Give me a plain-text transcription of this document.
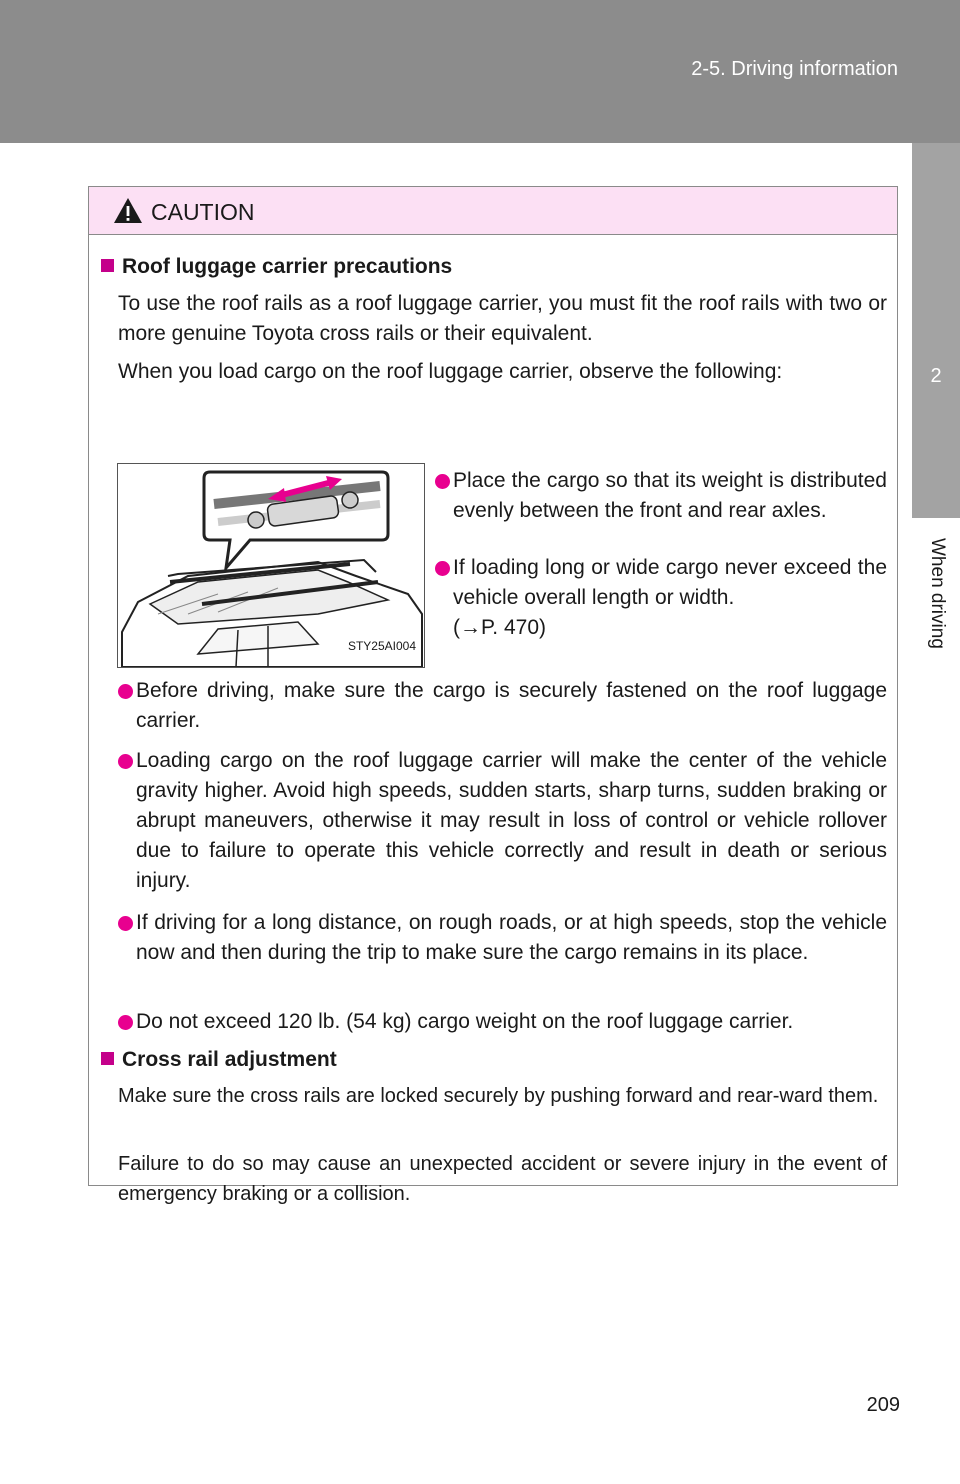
2-5. Driving information
2
When driving
CAUTION
Roof luggage carrier precautions
To use the roof rails as a roof luggage carrier, you must fit the roof rails with two or more genuine Toyota cross rails or their equivalent.
When you load cargo on the roof luggage carrier, observe the following:
STY25AI004
Place the cargo so that its weight is distributed evenly between the front and rear axles.
If loading long or wide cargo never exceed the vehicle overall length or width.
(→P. 470)
Before driving, make sure the cargo is securely fastened on the roof luggage carrier.
Loading cargo on the roof luggage carrier will make the center of the vehicle gravity higher. Avoid high speeds, sudden starts, sharp turns, sudden braking or abrupt maneuvers, otherwise it may result in loss of control or vehicle rollover due to failure to operate this vehicle correctly and result in death or serious injury.
If driving for a long distance, on rough roads, or at high speeds, stop the vehicle now and then during the trip to make sure the cargo remains in its place.
Do not exceed 120 lb. (54 kg) cargo weight on the roof luggage carrier.
Cross rail adjustment
Make sure the cross rails are locked securely by pushing forward and rear-ward them.
Failure to do so may cause an unexpected accident or severe injury in the event of emergency braking or a collision.
209
